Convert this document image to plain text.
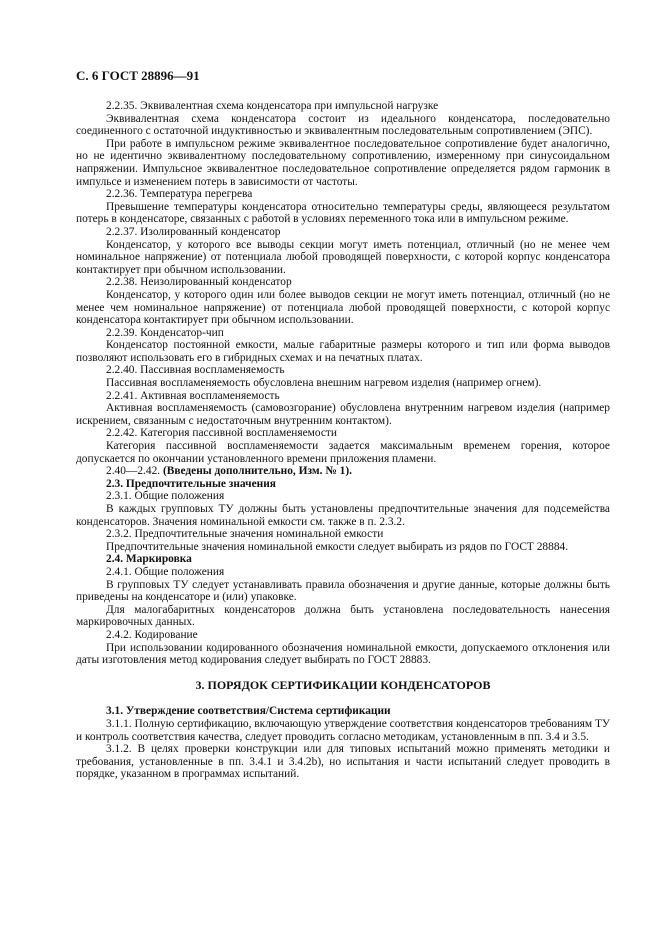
С. 6 ГОСТ 28896—91
2.2.35. Эквивалентная схема конденсатора при импульсной нагрузке
Эквивалентная схема конденсатора состоит из идеального конденсатора, последовательно соединенного с остаточной индуктивностью и эквивалентным последовательным сопротивлением (ЭПС).
При работе в импульсном режиме эквивалентное последовательное сопротивление будет аналогично, но не идентично эквивалентному последовательному сопротивлению, измеренному при синусоидальном напряжении. Импульсное эквивалентное последовательное сопротивление определяется рядом гармоник в импульсе и изменением потерь в зависимости от частоты.
2.2.36. Температура перегрева
Превышение температуры конденсатора относительно температуры среды, являющееся результатом потерь в конденсаторе, связанных с работой в условиях переменного тока или в импульсном режиме.
2.2.37. Изолированный конденсатор
Конденсатор, у которого все выводы секции могут иметь потенциал, отличный (но не менее чем номинальное напряжение) от потенциала любой проводящей поверхности, с которой корпус конденсатора контактирует при обычном использовании.
2.2.38. Неизолированный конденсатор
Конденсатор, у которого один или более выводов секции не могут иметь потенциал, отличный (но не менее чем номинальное напряжение) от потенциала любой проводящей поверхности, с которой корпус конденсатора контактирует при обычном использовании.
2.2.39. Конденсатор-чип
Конденсатор постоянной емкости, малые габаритные размеры которого и тип или форма выводов позволяют использовать его в гибридных схемах и на печатных платах.
2.2.40. Пассивная воспламеняемость
Пассивная воспламеняемость обусловлена внешним нагревом изделия (например огнем).
2.2.41. Активная воспламеняемость
Активная воспламеняемость (самовозгорание) обусловлена внутренним нагревом изделия (например искрением, связанным с недостаточным внутренним контактом).
2.2.42. Категория пассивной воспламеняемости
Категория пассивной воспламеняемости задается максимальным временем горения, которое допускается по окончании установленного времени приложения пламени.
2.40—2.42. (Введены дополнительно, Изм. № 1).
2.3. Предпочтительные значения
2.3.1. Общие положения
В каждых групповых ТУ должны быть установлены предпочтительные значения для подсемейства конденсаторов. Значения номинальной емкости см. также в п. 2.3.2.
2.3.2. Предпочтительные значения номинальной емкости
Предпочтительные значения номинальной емкости следует выбирать из рядов по ГОСТ 28884.
2.4. Маркировка
2.4.1. Общие положения
В групповых ТУ следует устанавливать правила обозначения и другие данные, которые должны быть приведены на конденсаторе и (или) упаковке.
Для малогабаритных конденсаторов должна быть установлена последовательность нанесения маркировочных данных.
2.4.2. Кодирование
При использовании кодированного обозначения номинальной емкости, допускаемого отклонения или даты изготовления метод кодирования следует выбирать по ГОСТ 28883.
3. ПОРЯДОК СЕРТИФИКАЦИИ КОНДЕНСАТОРОВ
3.1. Утверждение соответствия/Система сертификации
3.1.1. Полную сертификацию, включающую утверждение соответствия конденсаторов требованиям ТУ и контроль соответствия качества, следует проводить согласно методикам, установленным в пп. 3.4 и 3.5.
3.1.2. В целях проверки конструкции или для типовых испытаний можно применять методики и требования, установленные в пп. 3.4.1 и 3.4.2b), но испытания и части испытаний следует проводить в порядке, указанном в программах испытаний.
